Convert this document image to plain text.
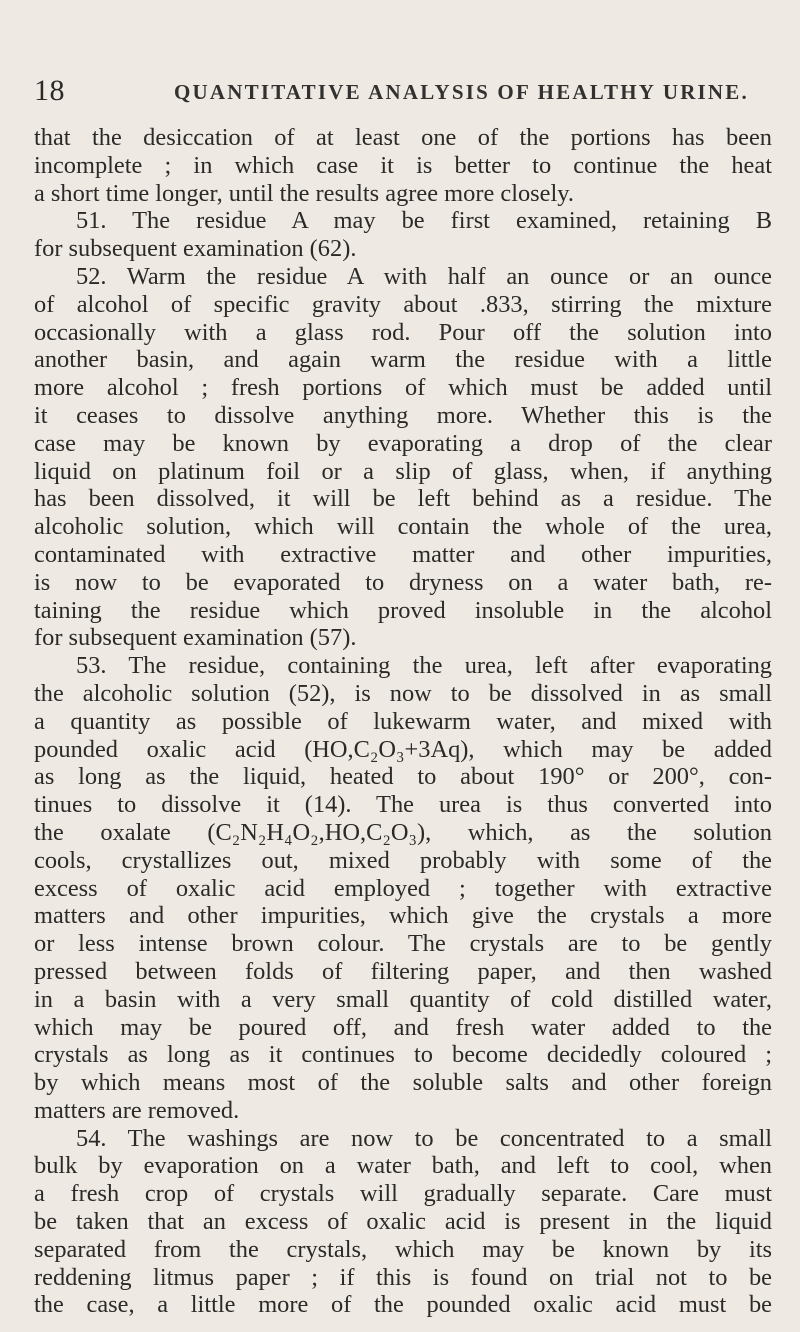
18	QUANTITATIVE ANALYSIS OF HEALTHY URINE.
that the desiccation of at least one of the portions has been
incomplete ; in which case it is better to continue the heat
a short time longer, until the results agree more closely.
51. The residue A may be first examined, retaining B
for subsequent examination (62).
52. Warm the residue A with half an ounce or an ounce
of alcohol of specific gravity about .833, stirring the mixture
occasionally with a glass rod. Pour off the solution into
another basin, and again warm the residue with a little
more alcohol ; fresh portions of which must be added until
it ceases to dissolve anything more. Whether this is the
case may be known by evaporating a drop of the clear
liquid on platinum foil or a slip of glass, when, if anything
has been dissolved, it will be left behind as a residue. The
alcoholic solution, which will contain the whole of the urea,
contaminated with extractive matter and other impurities,
is now to be evaporated to dryness on a water bath, re-
taining the residue which proved insoluble in the alcohol
for subsequent examination (57).
53. The residue, containing the urea, left after evaporating
the alcoholic solution (52), is now to be dissolved in as small
a quantity as possible of lukewarm water, and mixed with
pounded oxalic acid (HO,C₂O₃+3Aq), which may be added
as long as the liquid, heated to about 190° or 200°, con-
tinues to dissolve it (14). The urea is thus converted into
the oxalate (C₂N₂H₄O₂,HO,C₂O₃), which, as the solution
cools, crystallizes out, mixed probably with some of the
excess of oxalic acid employed ; together with extractive
matters and other impurities, which give the crystals a more
or less intense brown colour. The crystals are to be gently
pressed between folds of filtering paper, and then washed
in a basin with a very small quantity of cold distilled water,
which may be poured off, and fresh water added to the
crystals as long as it continues to become decidedly coloured ;
by which means most of the soluble salts and other foreign
matters are removed.
54. The washings are now to be concentrated to a small
bulk by evaporation on a water bath, and left to cool, when
a fresh crop of crystals will gradually separate. Care must
be taken that an excess of oxalic acid is present in the liquid
separated from the crystals, which may be known by its
reddening litmus paper ; if this is found on trial not to be
the case, a little more of the pounded oxalic acid must be
